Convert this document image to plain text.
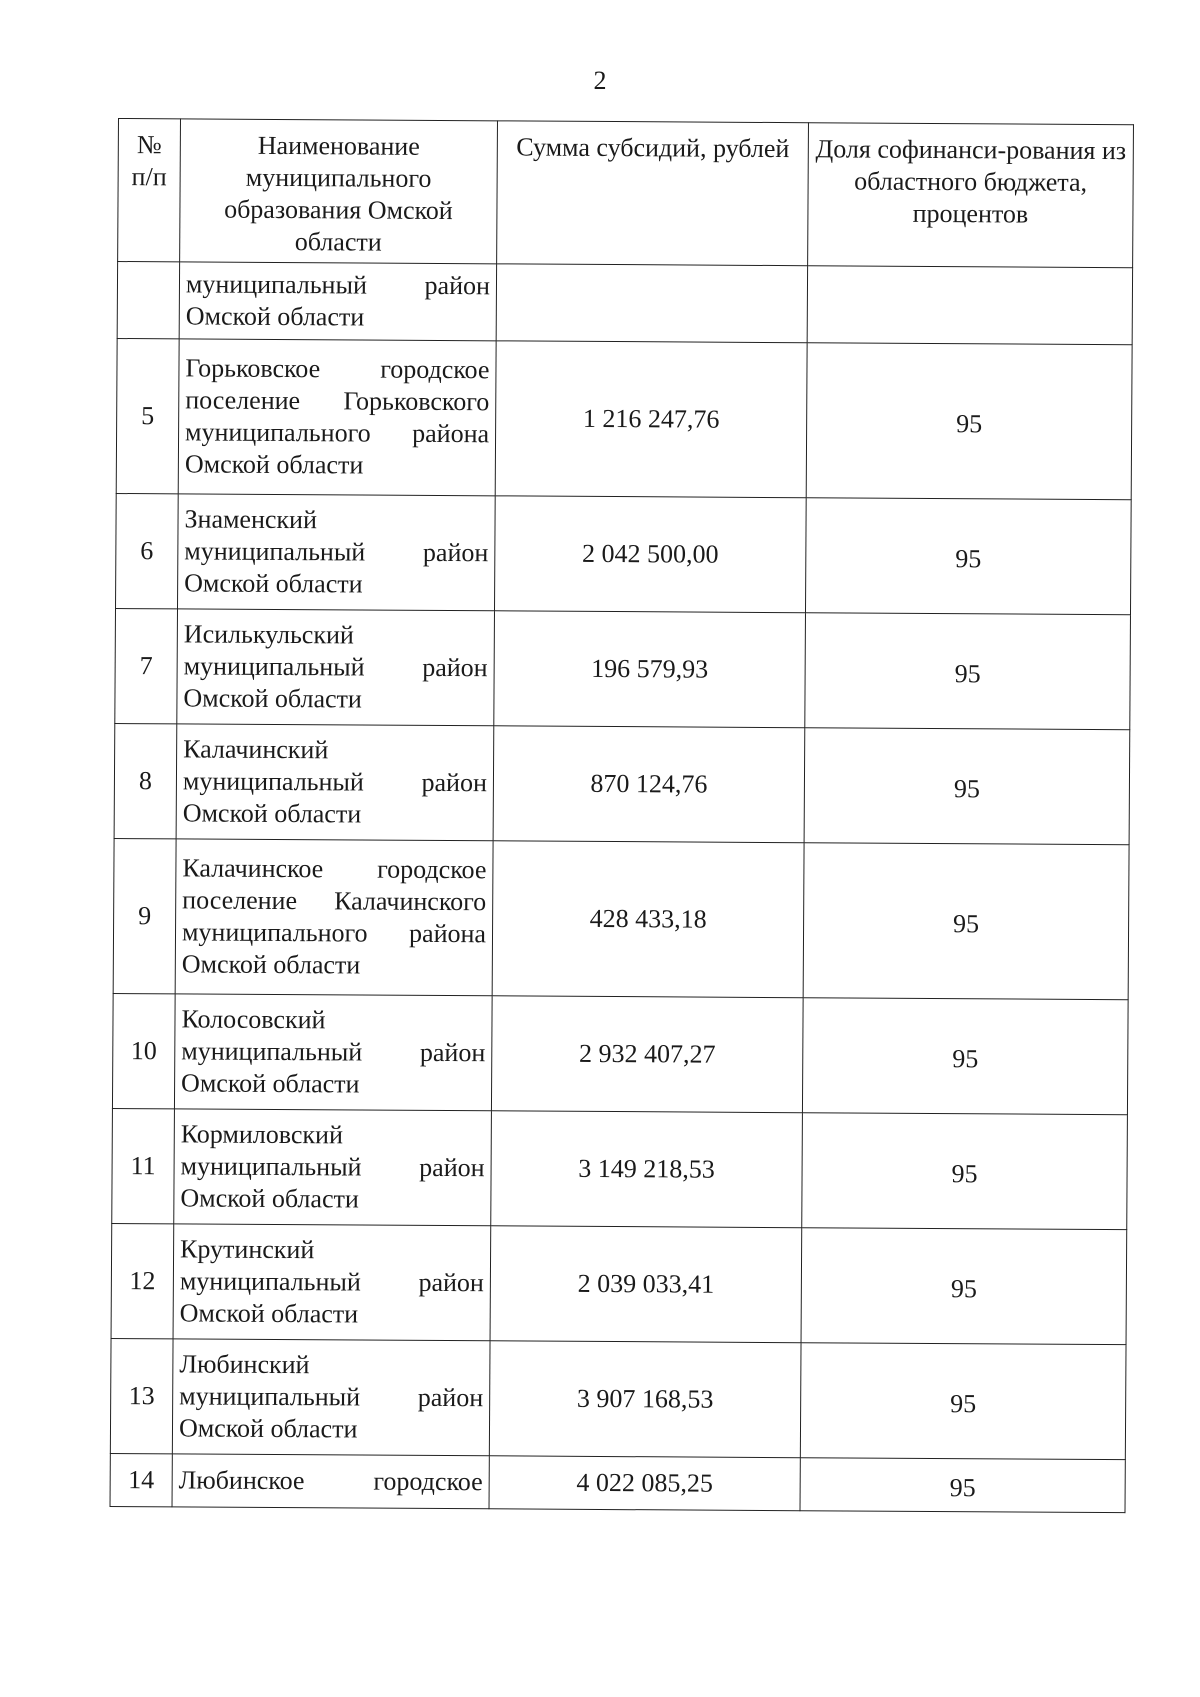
2
№ п/п	Наименование муниципального образования Омской области	Сумма субсидий, рублей	Доля софинанси-рования из областного бюджета, процентов
	муниципальный район Омской области		
5	Горьковское городское поселение Горьковского муниципального района Омской области	1 216 247,76	95
6	Знаменский муниципальный район Омской области	2 042 500,00	95
7	Исилькульский муниципальный район Омской области	196 579,93	95
8	Калачинский муниципальный район Омской области	870 124,76	95
9	Калачинское городское поселение Калачинского муниципального района Омской области	428 433,18	95
10	Колосовский муниципальный район Омской области	2 932 407,27	95
11	Кормиловский муниципальный район Омской области	3 149 218,53	95
12	Крутинский муниципальный район Омской области	2 039 033,41	95
13	Любинский муниципальный район Омской области	3 907 168,53	95
14	Любинское городское	4 022 085,25	95
